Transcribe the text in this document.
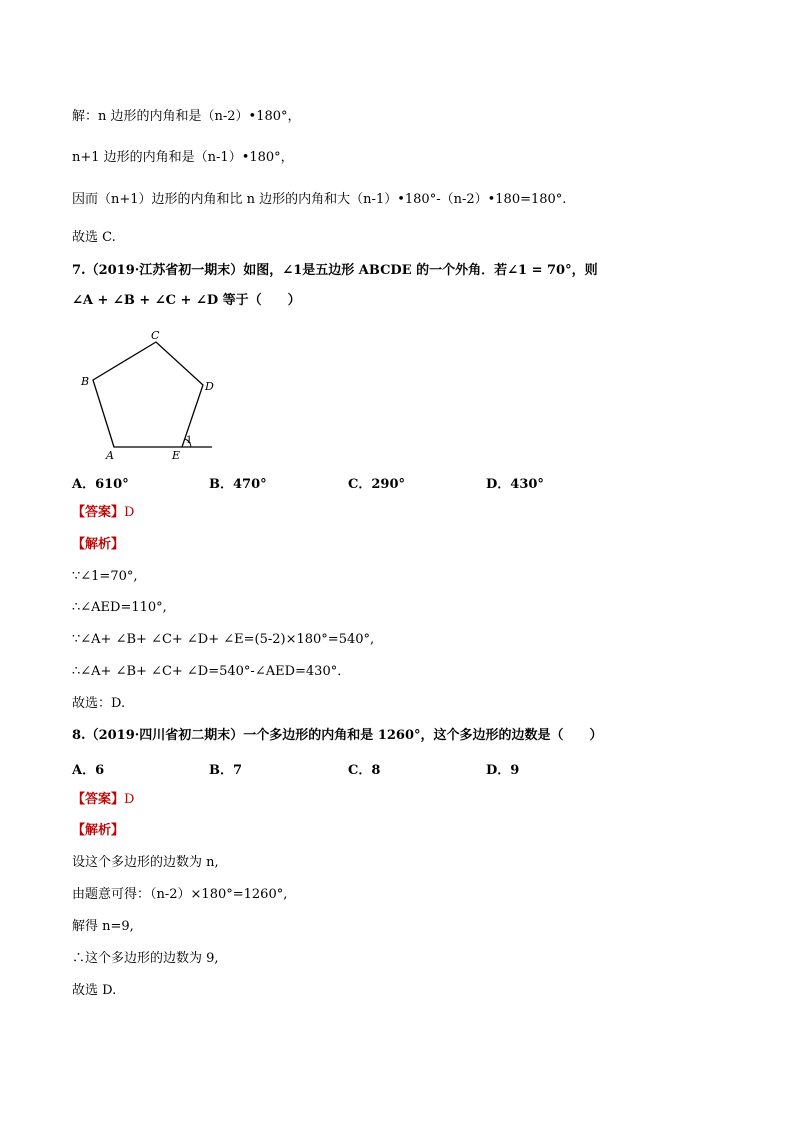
解：n 边形的内角和是（n-2）•180°，
n+1 边形的内角和是（n-1）•180°，
因而（n+1）边形的内角和比 n 边形的内角和大（n-1）•180°-（n-2）•180=180°.
故选 C.
7.（2019·江苏省初一期末）如图，∠1是五边形 ABCDE 的一个外角．若∠1 = 70°，则
∠A + ∠B + ∠C + ∠D 等于（　　）
A
B
C
D
E
1
A．610°	B．470°	C．290°	D．430°
【答案】D
【解析】
∵∠1=70°,
∴∠AED=110°,
∵∠A+ ∠B+ ∠C+ ∠D+ ∠E=(5-2)×180°=540°,
∴∠A+ ∠B+ ∠C+ ∠D=540°-∠AED=430°．
故选：D.
8.（2019·四川省初二期末）一个多边形的内角和是 1260°，这个多边形的边数是（　　）
A．6	B．7	C．8	D．9
【答案】D
【解析】
设这个多边形的边数为 n,
由题意可得：（n-2）×180°=1260°,
解得 n=9,
∴这个多边形的边数为 9,
故选 D.
